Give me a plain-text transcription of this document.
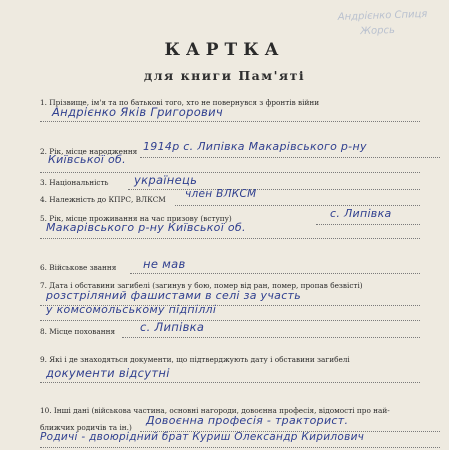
Андрієнко Спиця
Жорсь
КАРТКА
для книги Пам'яті
1. Прізвище, ім'я та по батькові того, хто не повернувся з фронтів війни
Андрієнко Яків Григорович
2. Рік, місце народження 1914р с. Липівка Макарівського р-ну
Київської об.
3. Національність українець
4. Належність до КПРС, ВЛКСМ член ВЛКСМ
5. Рік, місце проживання на час призову (вступу)	с. Липівка
Макарівського р-ну Київської об.
6. Військове звання не мав
7. Дата і обставини загибелі (загинув у бою, помер від ран, помер, пропав безвісті)
розстріляний фашистами в селі за участь
у комсомольському підпіллі
8. Місце поховання с. Липівка
9. Які і де знаходяться документи, що підтверджують дату і обставини загибелі
документи відсутні
10. Інші дані (військова частина, основні нагороди, довоєнна професія, відомості про най-
ближчих родичів та ін.)
Довоєнна професія - тракторист.
Родичі - двоюрідний брат Куриш Олександр Кирилович
